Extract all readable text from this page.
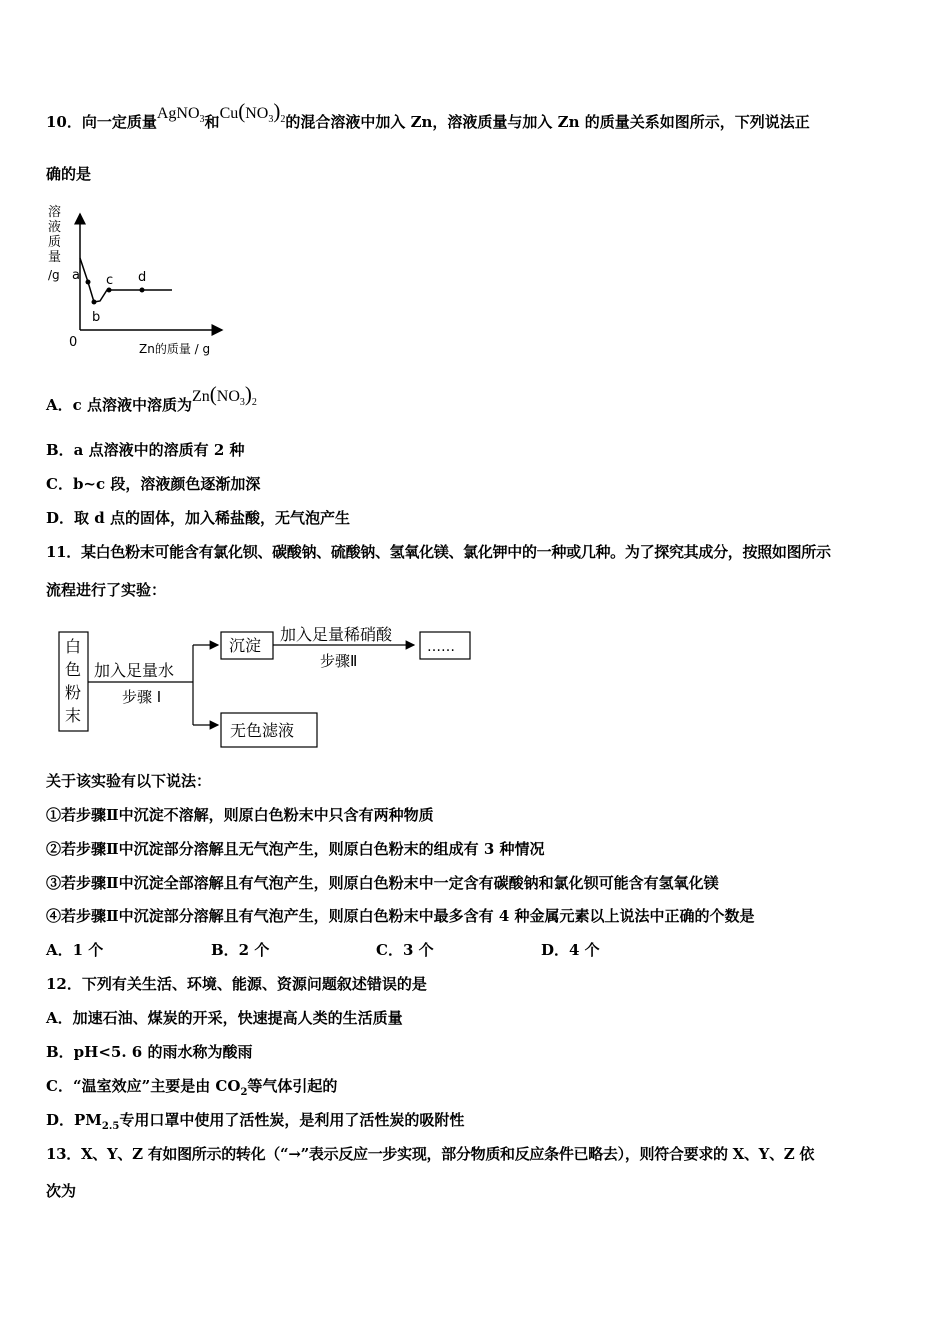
10．向一定质量AgNO$_3$和$Cu(NO_3)_2$的混合溶液中加入 Zn，溶液质量与加入 Zn 的质量关系如图所示，下列说法正
确的是
溶
液
质
量
/g
0	Zn的质量 / g
a
b
c d
A．c 点溶液中溶质为$Zn(NO_3)_2$
B．a 点溶液中的溶质有 2 种
C．b~c 段，溶液颜色逐渐加深
D．取 d 点的固体，加入稀盐酸，无气泡产生
11．某白色粉末可能含有氯化钡、碳酸钠、硫酸钠、氢氧化镁、氯化钾中的一种或几种。为了探究其成分，按照如图所示
流程进行了实验：
白
色
粉
末
加入足量水
步骤 I
沉淀
加入足量稀硝酸
步骤Ⅱ
……
无色滤液
关于该实验有以下说法：
①若步骤Ⅱ中沉淀不溶解，则原白色粉末中只含有两种物质
②若步骤Ⅱ中沉淀部分溶解且无气泡产生，则原白色粉末的组成有 3 种情况
③若步骤Ⅱ中沉淀全部溶解且有气泡产生，则原白色粉末中一定含有碳酸钠和氯化钡可能含有氢氧化镁
④若步骤Ⅱ中沉淀部分溶解且有气泡产生，则原白色粉末中最多含有 4 种金属元素以上说法中正确的个数是
A．1 个	B．2 个	C．3 个	D．4 个
12．下列有关生活、环境、能源、资源问题叙述错误的是
A．加速石油、煤炭的开采，快速提高人类的生活质量
B．pH<5. 6 的雨水称为酸雨
C．“温室效应”主要是由 $CO_2$等气体引起的
D．$PM_{2.5}$专用口罩中使用了活性炭，是利用了活性炭的吸附性
13．X、Y、Z 有如图所示的转化（“→”表示反应一步实现，部分物质和反应条件已略去），则符合要求的 X、Y、Z 依
次为
